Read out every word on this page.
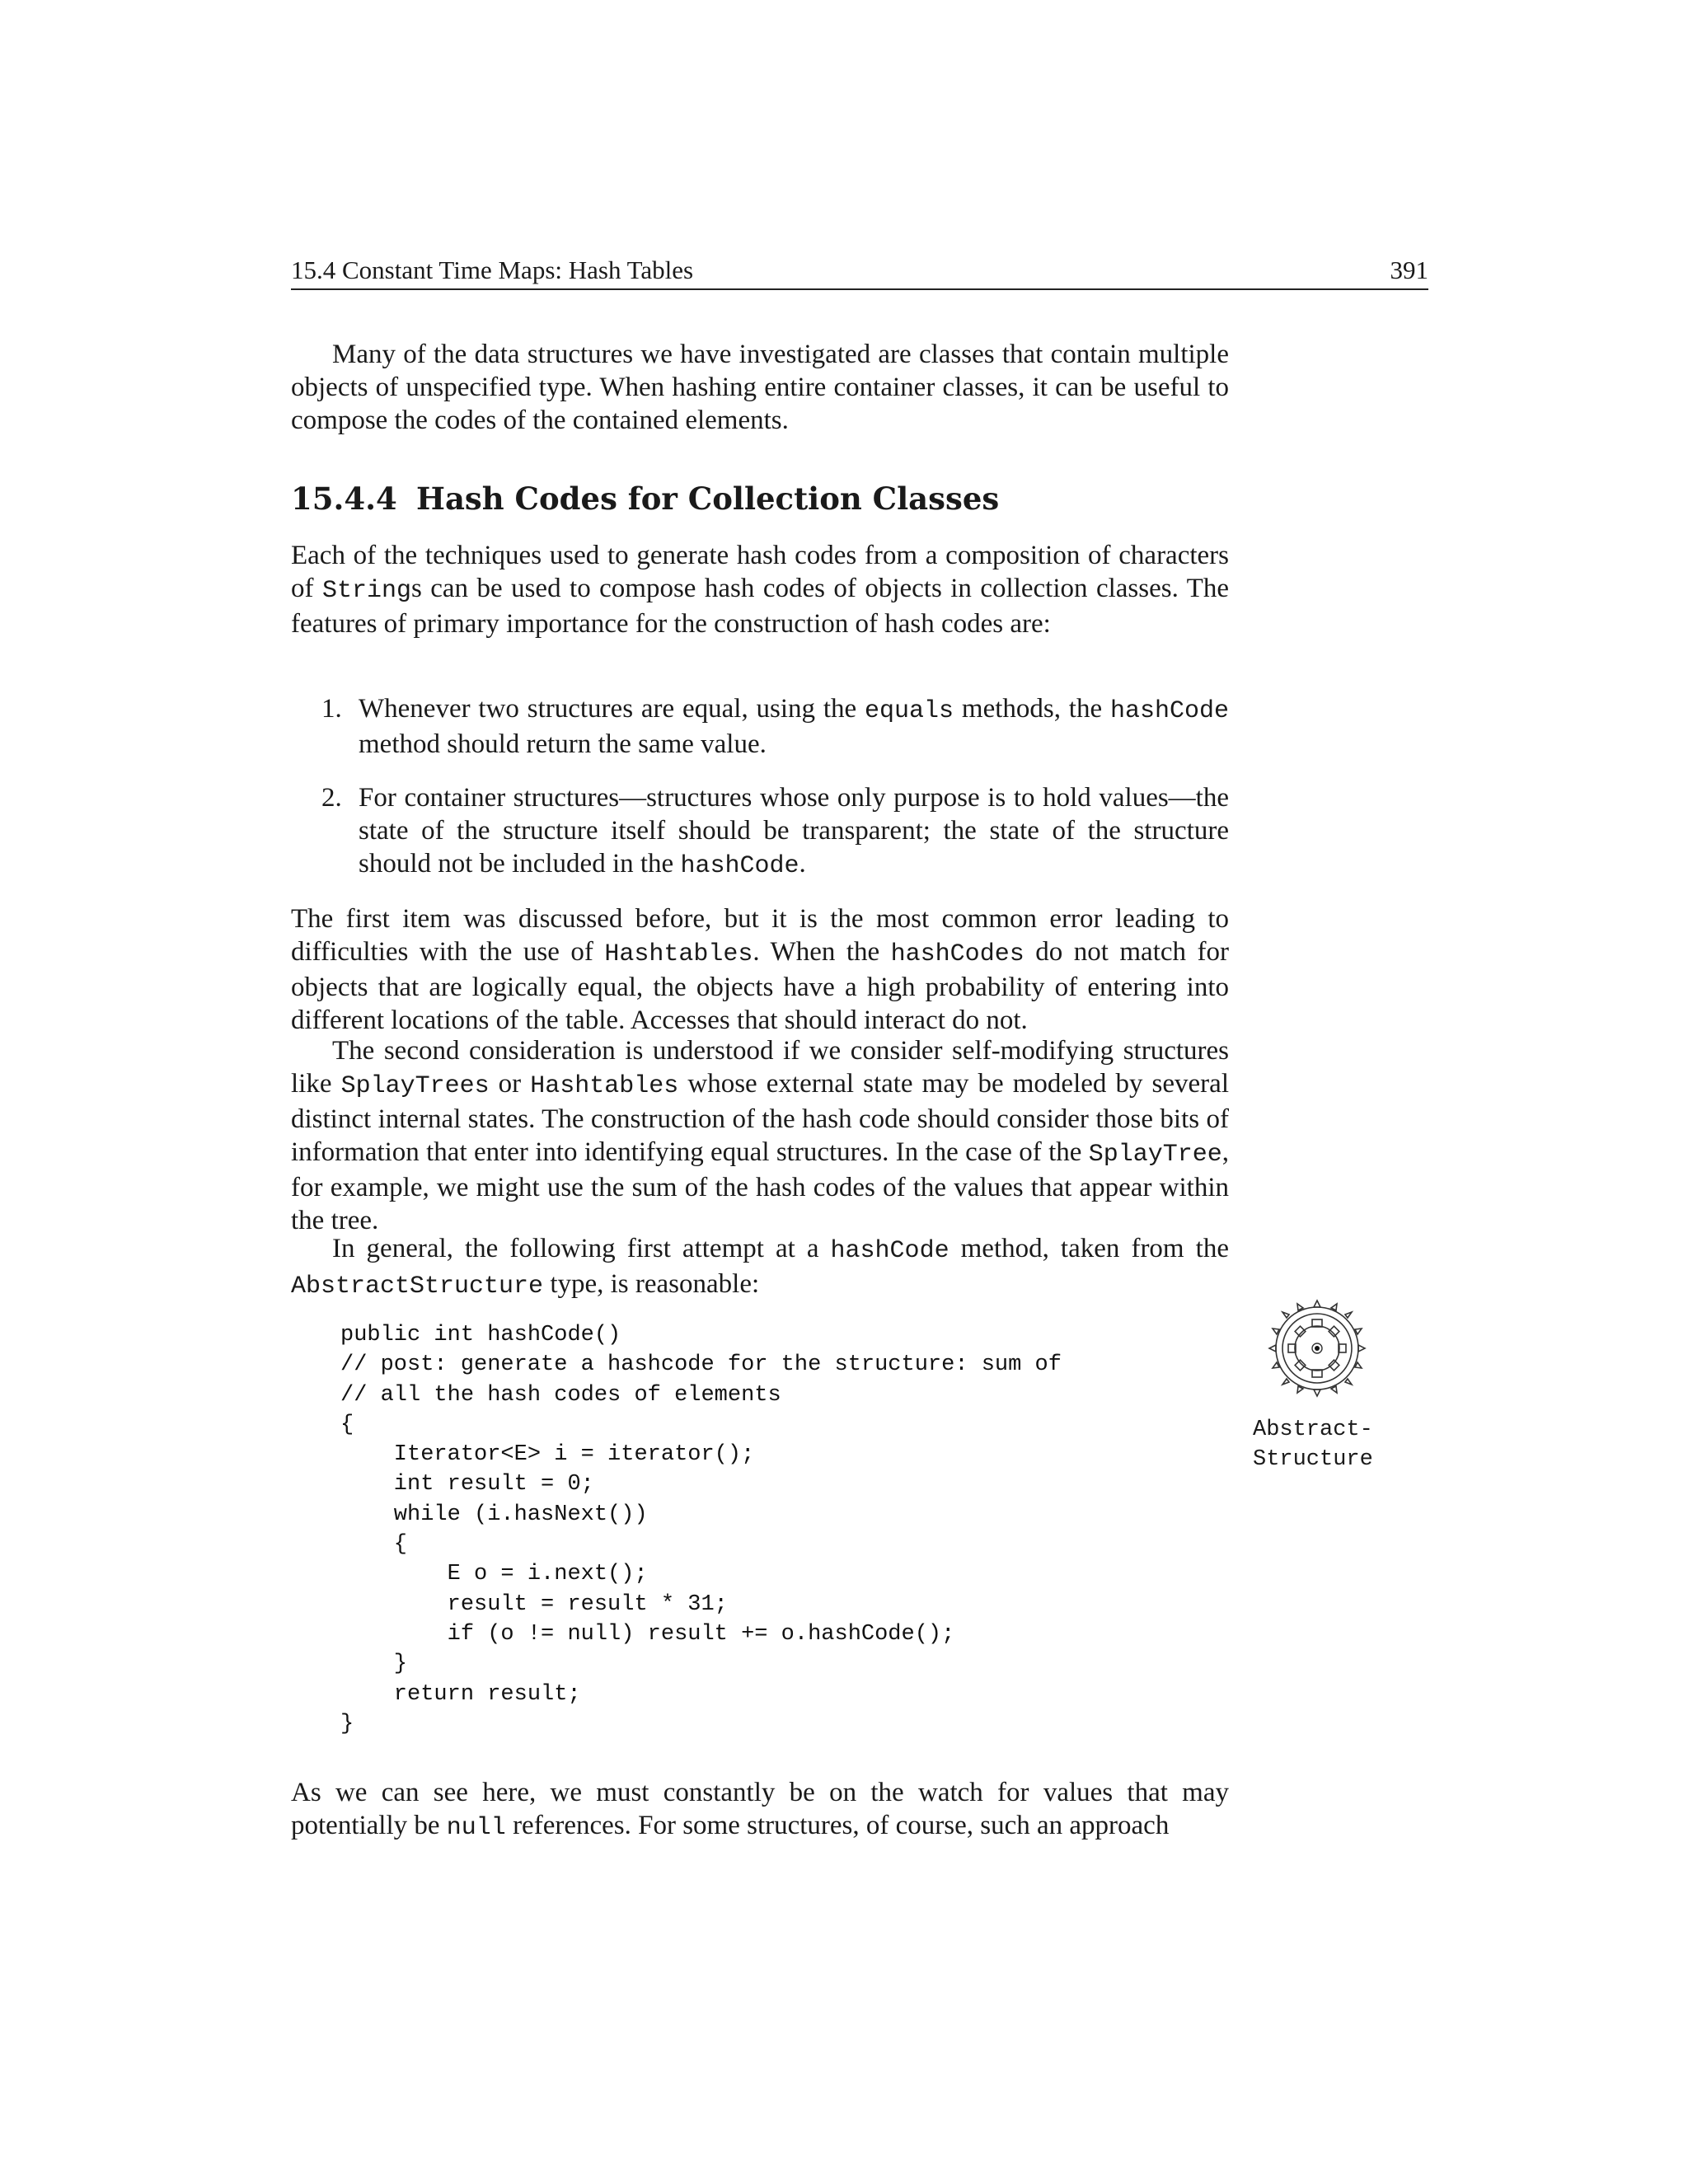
15.4 Constant Time Maps: Hash Tables	391

Many of the data structures we have investigated are classes that contain multiple objects of unspecified type. When hashing entire container classes, it can be useful to compose the codes of the contained elements.

15.4.4 Hash Codes for Collection Classes

Each of the techniques used to generate hash codes from a composition of characters of Strings can be used to compose hash codes of objects in collection classes. The features of primary importance for the construction of hash codes are:

1. Whenever two structures are equal, using the equals methods, the hashCode method should return the same value.
2. For container structures—structures whose only purpose is to hold values—the state of the structure itself should be transparent; the state of the structure should not be included in the hashCode.

The first item was discussed before, but it is the most common error leading to difficulties with the use of Hashtables. When the hashCodes do not match for objects that are logically equal, the objects have a high probability of entering into different locations of the table. Accesses that should interact do not.

The second consideration is understood if we consider self-modifying structures like SplayTrees or Hashtables whose external state may be modeled by several distinct internal states. The construction of the hash code should consider those bits of information that enter into identifying equal structures. In the case of the SplayTree, for example, we might use the sum of the hash codes of the values that appear within the tree.

In general, the following first attempt at a hashCode method, taken from the AbstractStructure type, is reasonable:

public int hashCode()
// post: generate a hashcode for the structure: sum of
// all the hash codes of elements
{
Iterator<E> i = iterator();
int result = 0;
while (i.hasNext())
{
E o = i.next();
result = result * 31;
if (o != null) result += o.hashCode();
}
return result;
}
Abstract-
Structure

As we can see here, we must constantly be on the watch for values that may potentially be null references. For some structures, of course, such an approach
